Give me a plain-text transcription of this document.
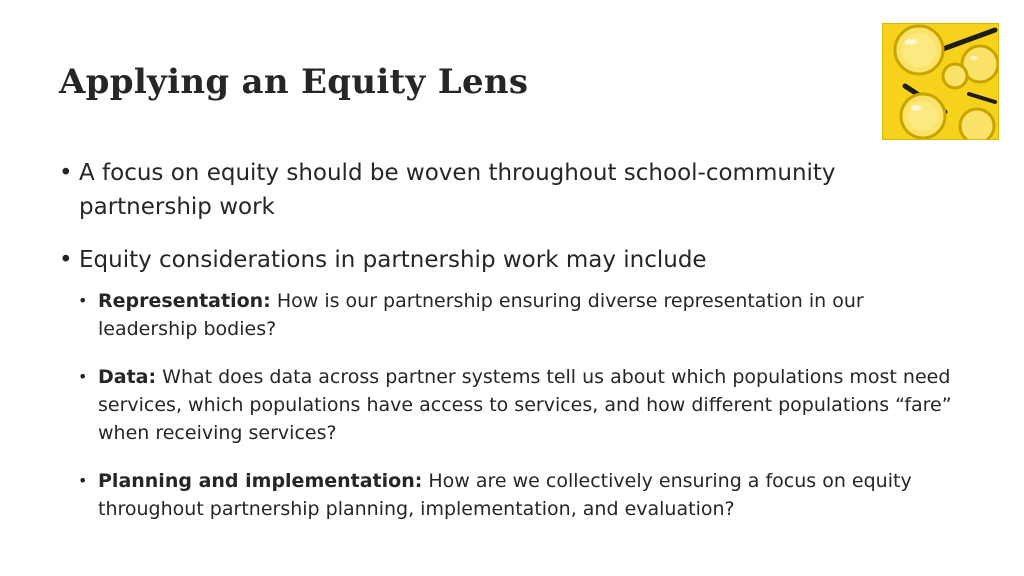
Applying an Equity Lens
• A focus on equity should be woven throughout school-community partnership work
• Equity considerations in partnership work may include
• Representation: How is our partnership ensuring diverse representation in our leadership bodies?
• Data: What does data across partner systems tell us about which populations most need services, which populations have access to services, and how different populations “fare” when receiving services?
• Planning and implementation: How are we collectively ensuring a focus on equity throughout partnership planning, implementation, and evaluation?
